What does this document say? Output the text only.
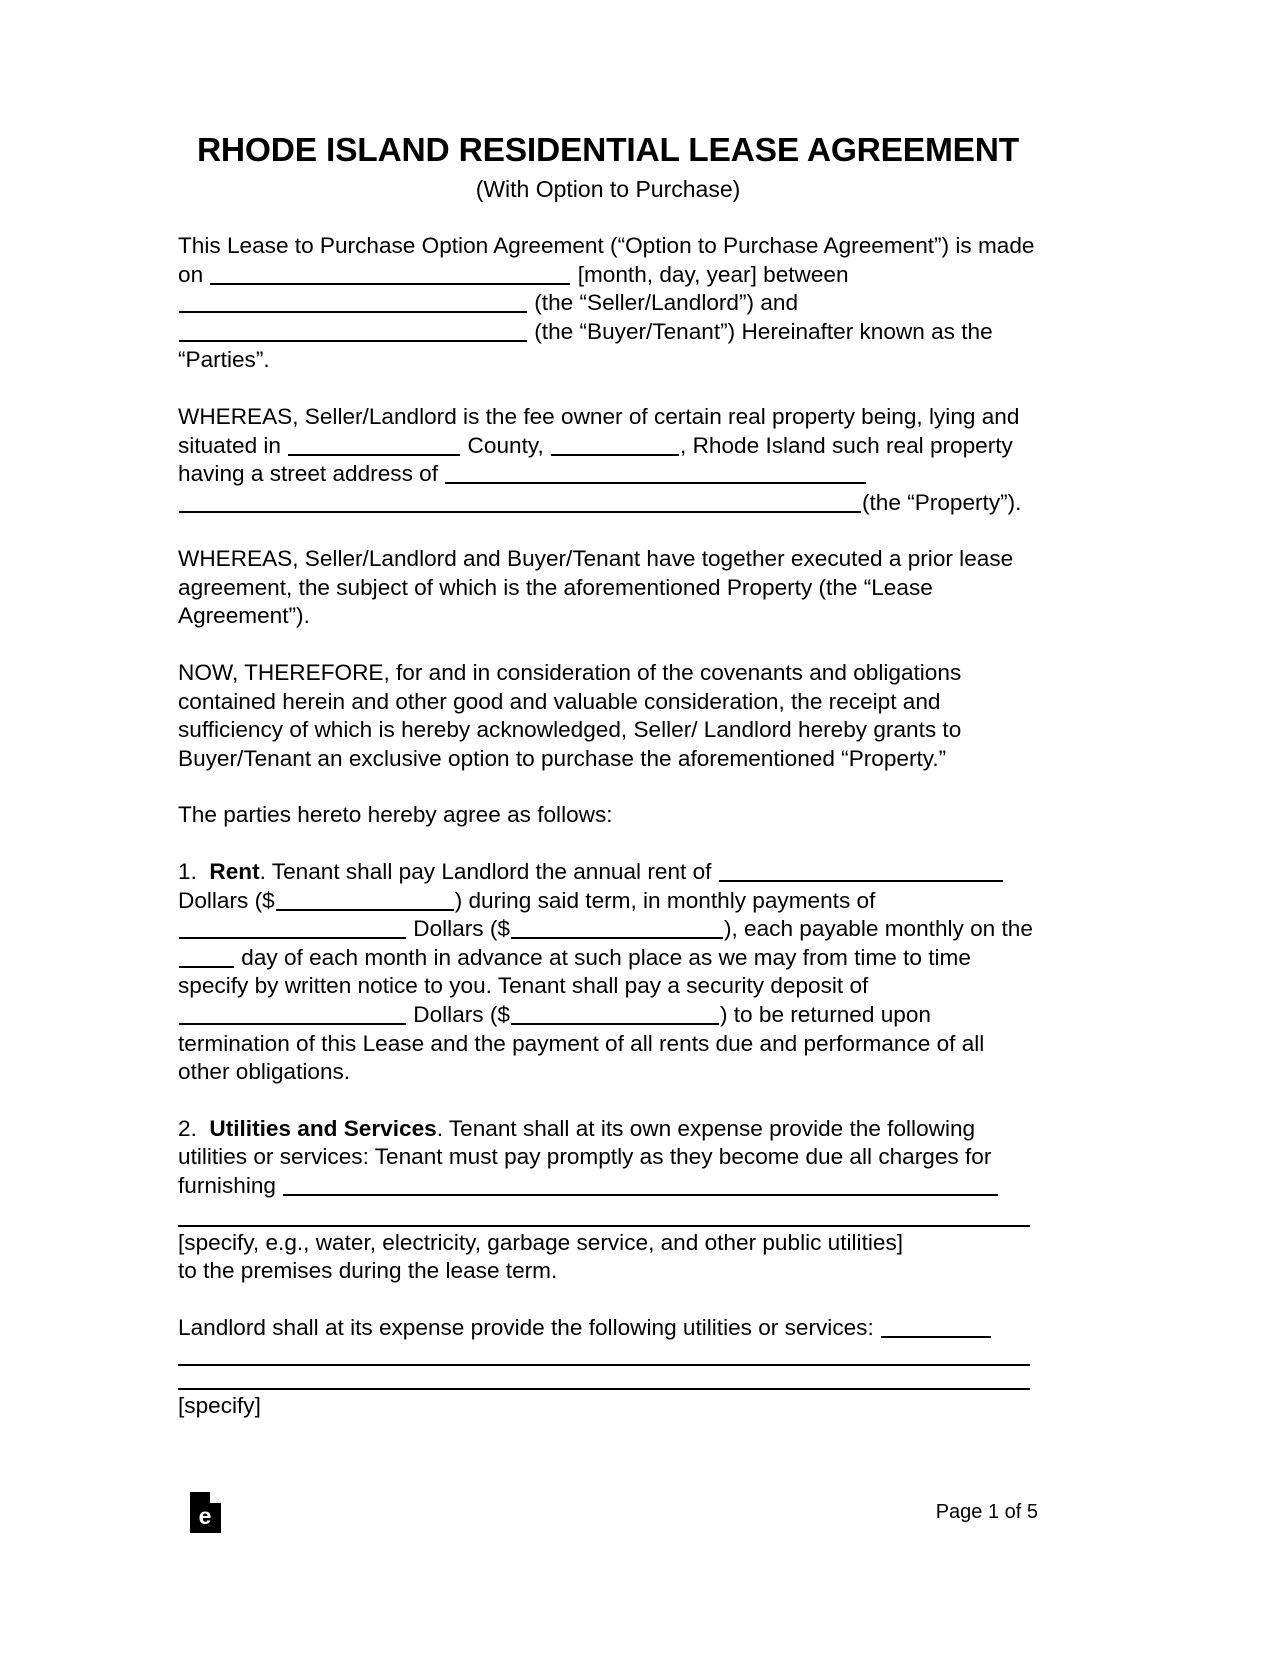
RHODE ISLAND RESIDENTIAL LEASE AGREEMENT
(With Option to Purchase)

This Lease to Purchase Option Agreement (“Option to Purchase Agreement”) is made on	[month, day, year] between  (the “Seller/Landlord”) and  (the “Buyer/Tenant”) Hereinafter known as the “Parties”.

WHEREAS, Seller/Landlord is the fee owner of certain real property being, lying and situated in	County,	, Rhode Island such real property having a street address of (the “Property”).

WHEREAS, Seller/Landlord and Buyer/Tenant have together executed a prior lease agreement, the subject of which is the aforementioned Property (the “Lease Agreement”).

NOW, THEREFORE, for and in consideration of the covenants and obligations contained herein and other good and valuable consideration, the receipt and sufficiency of which is hereby acknowledged, Seller/ Landlord hereby grants to Buyer/Tenant an exclusive option to purchase the aforementioned “Property.”

The parties hereto hereby agree as follows:

1. Rent. Tenant shall pay Landlord the annual rent of  Dollars ($	) during said term, in monthly payments of  Dollars ($	), each payable monthly on the  day of each month in advance at such place as we may from time to time specify by written notice to you. Tenant shall pay a security deposit of  Dollars ($	) to be returned upon termination of this Lease and the payment of all rents due and performance of all other obligations.

2. Utilities and Services. Tenant shall at its own expense provide the following utilities or services: Tenant must pay promptly as they become due all charges for furnishing

[specify, e.g., water, electricity, garbage service, and other public utilities]

to the premises during the lease term.

Landlord shall at its expense provide the following utilities or services:

[specify]

e	Page 1 of 5
